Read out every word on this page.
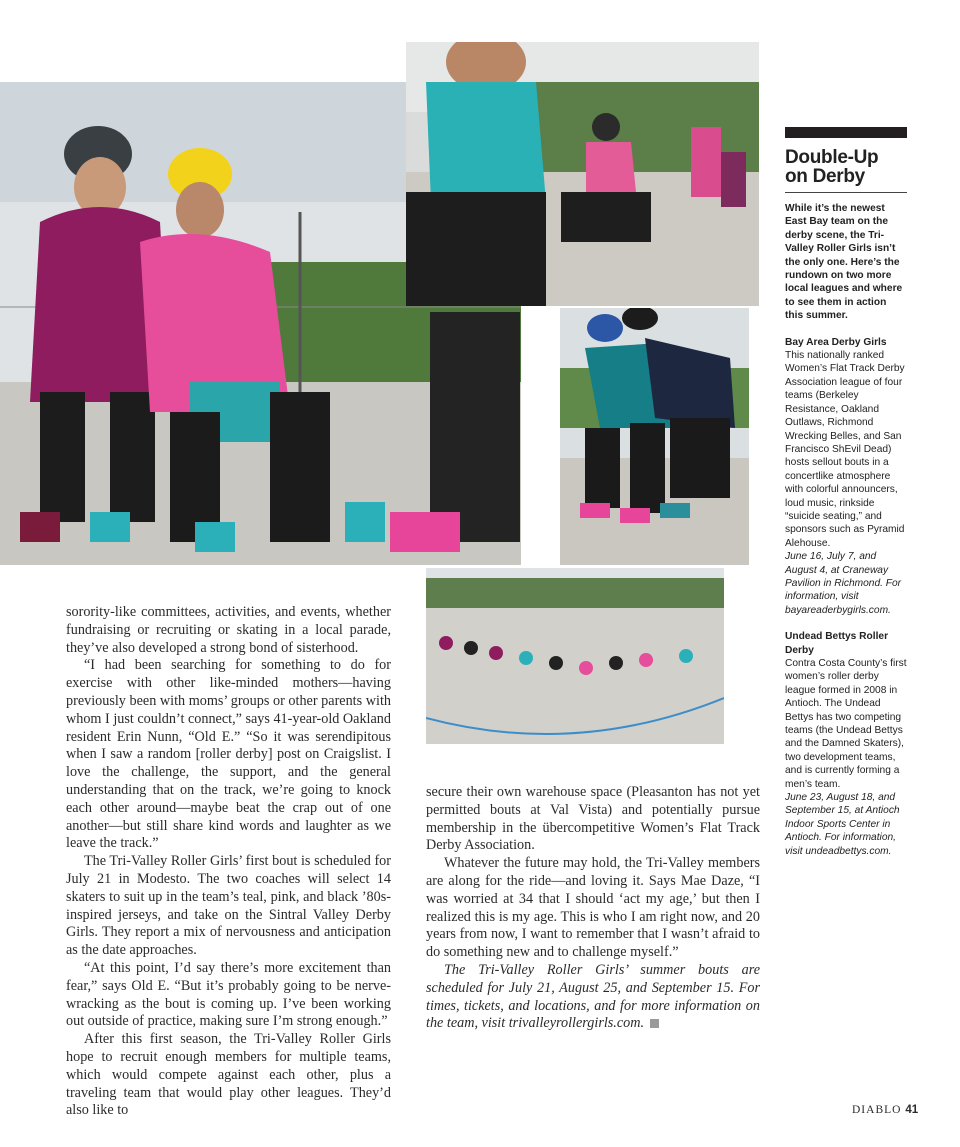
sorority-like committees, activities, and events, whether fundraising or recruiting or skating in a local parade, they’ve also developed a strong bond of sisterhood.

“I had been searching for something to do for exercise with other like-minded mothers—having previously been with moms’ groups or other parents with whom I just couldn’t connect,” says 41-year-old Oakland resident Erin Nunn, “Old E.” “So it was serendipitous when I saw a random [roller derby] post on Craigslist. I love the challenge, the support, and the general understanding that on the track, we’re going to knock each other around—maybe beat the crap out of one another—but still share kind words and laughter as we leave the track.”

The Tri-Valley Roller Girls’ first bout is scheduled for July 21 in Modesto. The two coaches will select 14 skaters to suit up in the team’s teal, pink, and black ’80s-inspired jerseys, and take on the Sintral Valley Derby Girls. They report a mix of nervousness and anticipation as the date approaches.

“At this point, I’d say there’s more excitement than fear,” says Old E. “But it’s probably going to be nerve-wracking as the bout is coming up. I’ve been working out outside of practice, making sure I’m strong enough.”

After this first season, the Tri-Valley Roller Girls hope to recruit enough members for multiple teams, which would compete against each other, plus a traveling team that would play other leagues. They’d also like to

secure their own warehouse space (Pleasanton has not yet permitted bouts at Val Vista) and potentially pursue membership in the übercompetitive Women’s Flat Track Derby Association.

Whatever the future may hold, the Tri-Valley members are along for the ride—and loving it. Says Mae Daze, “I was worried at 34 that I should ‘act my age,’ but then I realized this is my age. This is who I am right now, and 20 years from now, I want to remember that I wasn’t afraid to do something new and to challenge myself.”

The Tri-Valley Roller Girls’ summer bouts are scheduled for July 21, August 25, and September 15. For times, tickets, and locations, and for more information on the team, visit trivalleyrollergirls.com.

Double-Up
on Derby
While it’s the newest East Bay team on the derby scene, the Tri-Valley Roller Girls isn’t the only one. Here’s the rundown on two more local leagues and where to see them in action this summer.
Bay Area Derby Girls
This nationally ranked Women’s Flat Track Derby Association league of four teams (Berkeley Resistance, Oakland Outlaws, Richmond Wrecking Belles, and San Francisco ShEvil Dead) hosts sellout bouts in a concertlike atmosphere with colorful announcers, loud music, rinkside “suicide seating,” and sponsors such as Pyramid Alehouse.
June 16, July 7, and August 4, at Craneway Pavilion in Richmond. For information, visit bayareaderbygirls.com.
Undead Bettys Roller Derby
Contra Costa County’s first women’s roller derby league formed in 2008 in Antioch. The Undead Bettys has two competing teams (the Undead Bettys and the Damned Skaters), two development teams, and is currently forming a men’s team.
June 23, August 18, and September 15, at Antioch Indoor Sports Center in Antioch. For information, visit undeadbettys.com.
DIABLO 41
